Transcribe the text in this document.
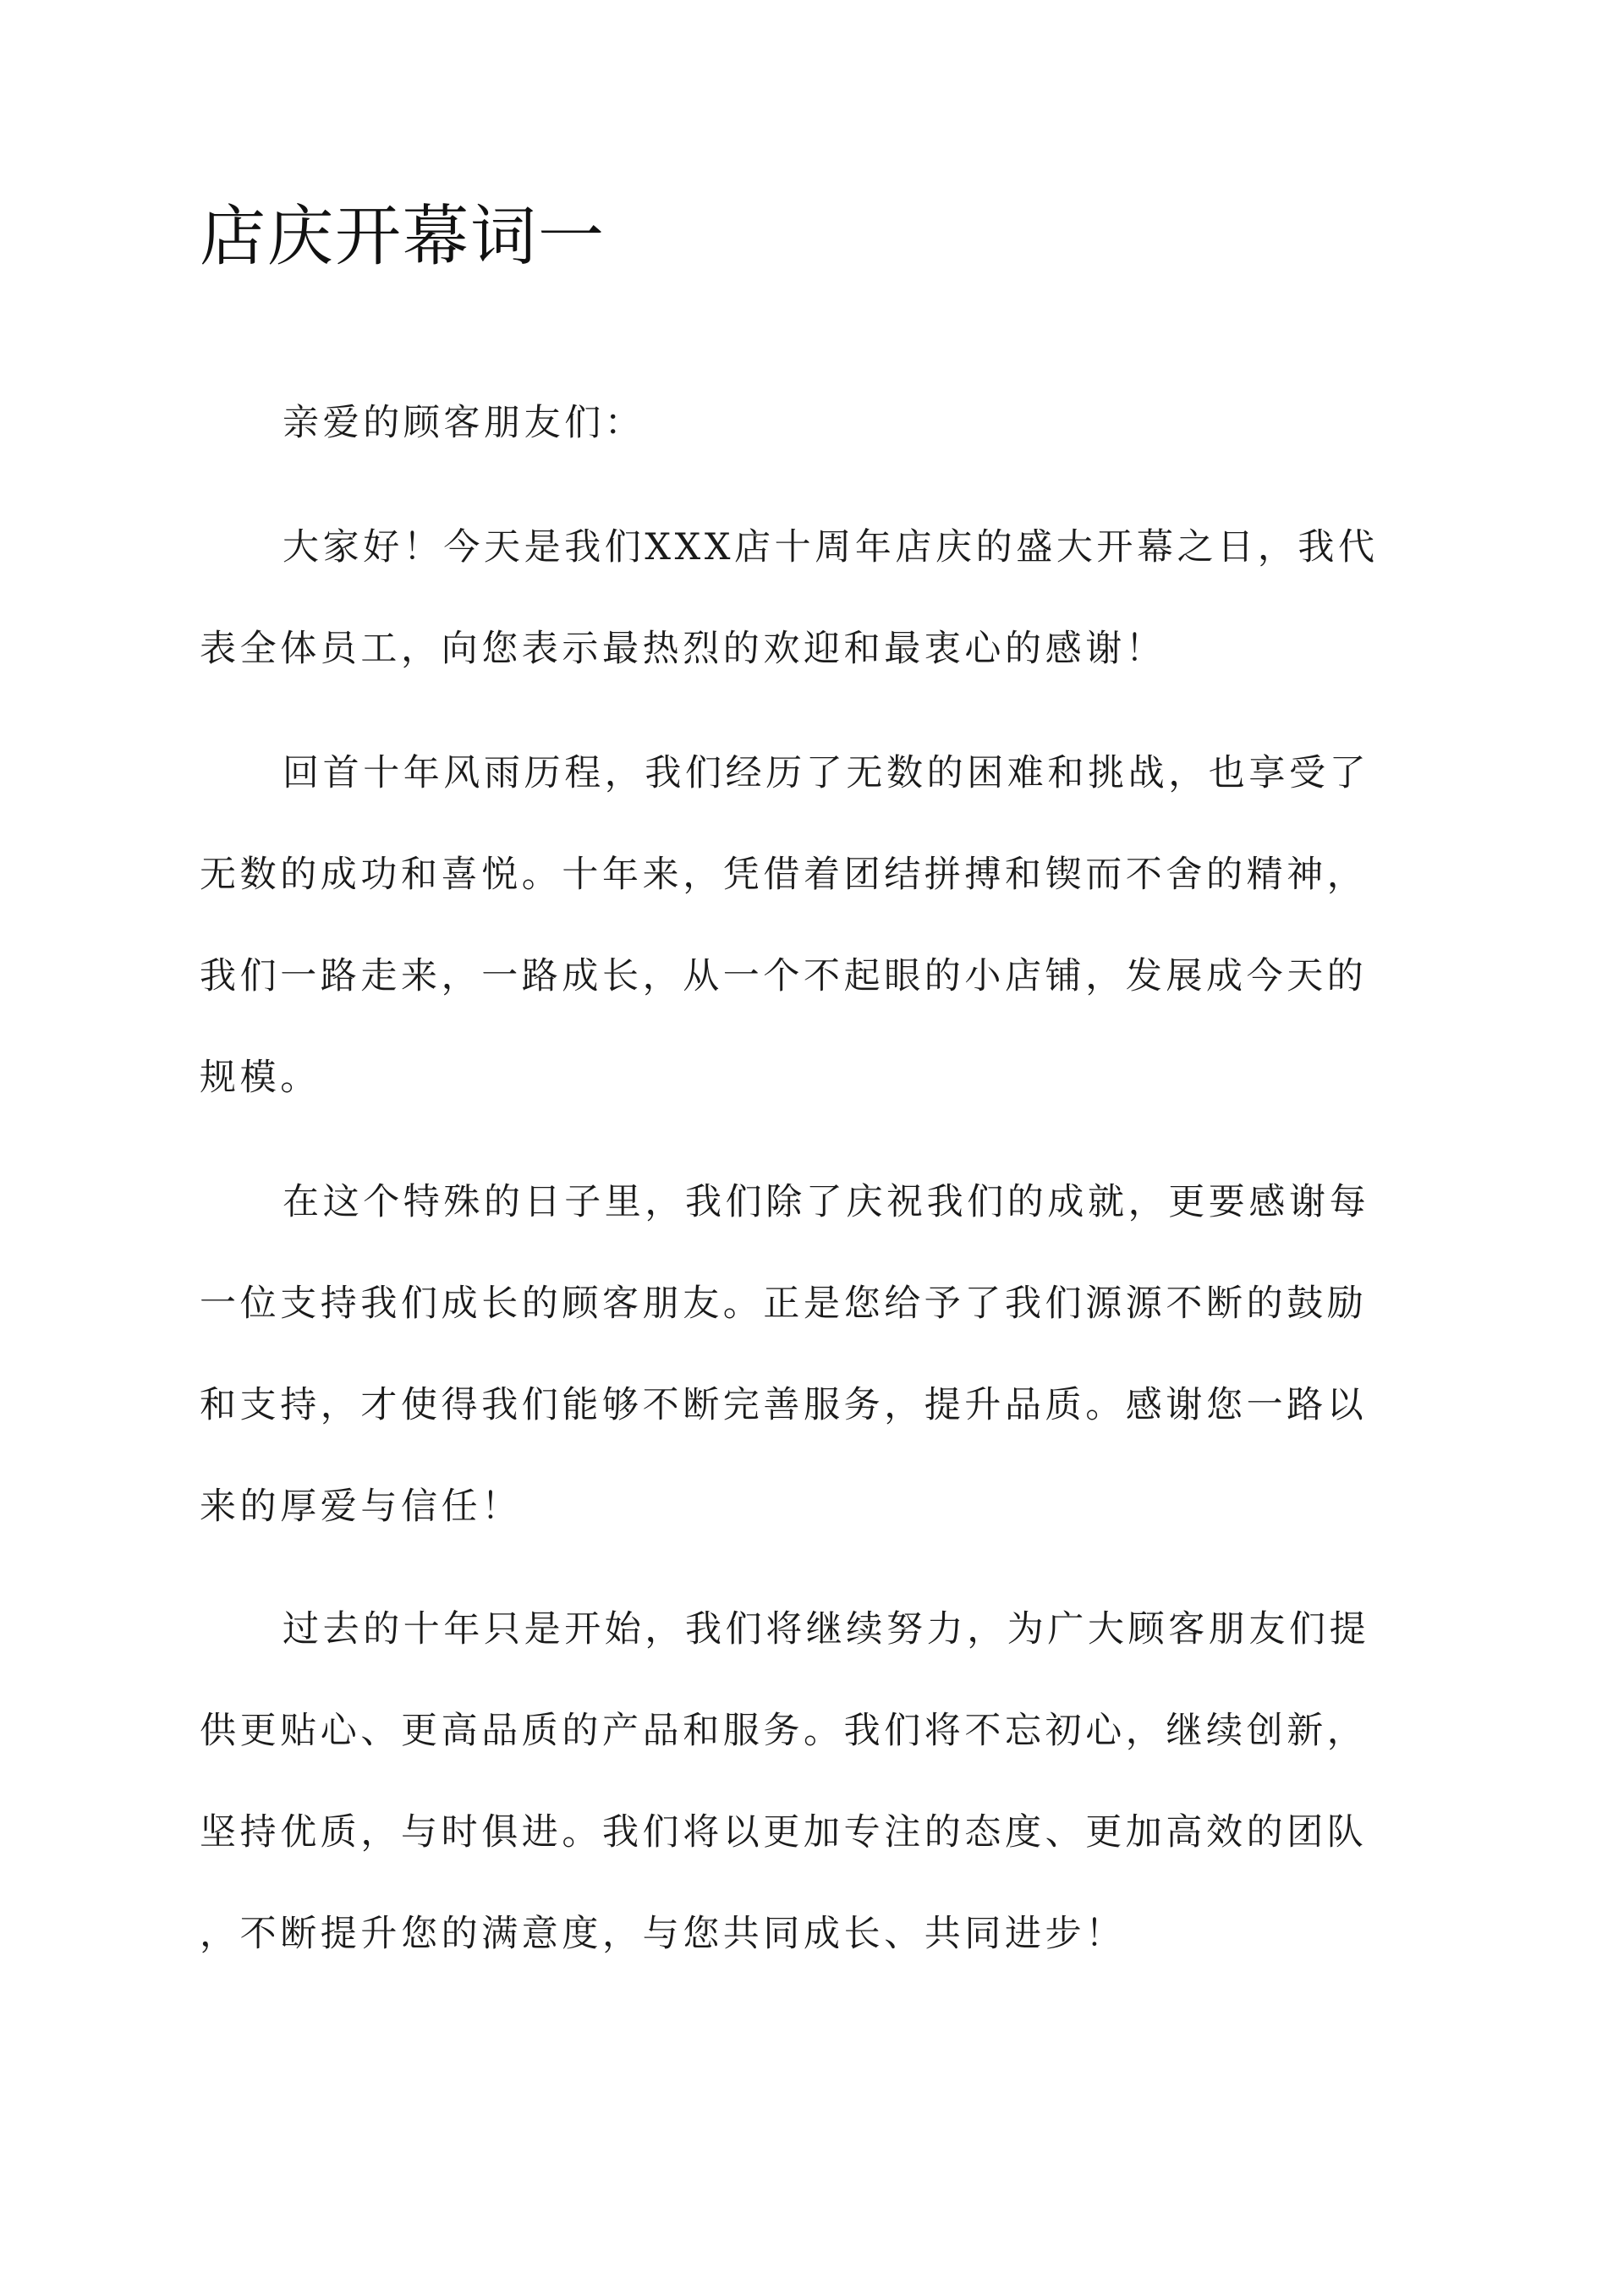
店庆开幕词一

亲爱的顾客朋友们：

大家好！今天是我们XXX店十周年店庆的盛大开幕之日，我代
表全体员工，向您表示最热烈的欢迎和最衷心的感谢！

回首十年风雨历程，我们经历了无数的困难和挑战，也享受了
无数的成功和喜悦。十年来，凭借着团结拼搏和锲而不舍的精神，
我们一路走来，一路成长，从一个不起眼的小店铺，发展成今天的
规模。

在这个特殊的日子里，我们除了庆祝我们的成就，更要感谢每
一位支持我们成长的顾客朋友。正是您给予了我们源源不断的鼓励
和支持，才使得我们能够不断完善服务，提升品质。感谢您一路以
来的厚爱与信任！

过去的十年只是开始，我们将继续努力，为广大顾客朋友们提
供更贴心、更高品质的产品和服务。我们将不忘初心，继续创新，
坚持优质，与时俱进。我们将以更加专注的态度、更加高效的团队
，不断提升您的满意度，与您共同成长、共同进步！
